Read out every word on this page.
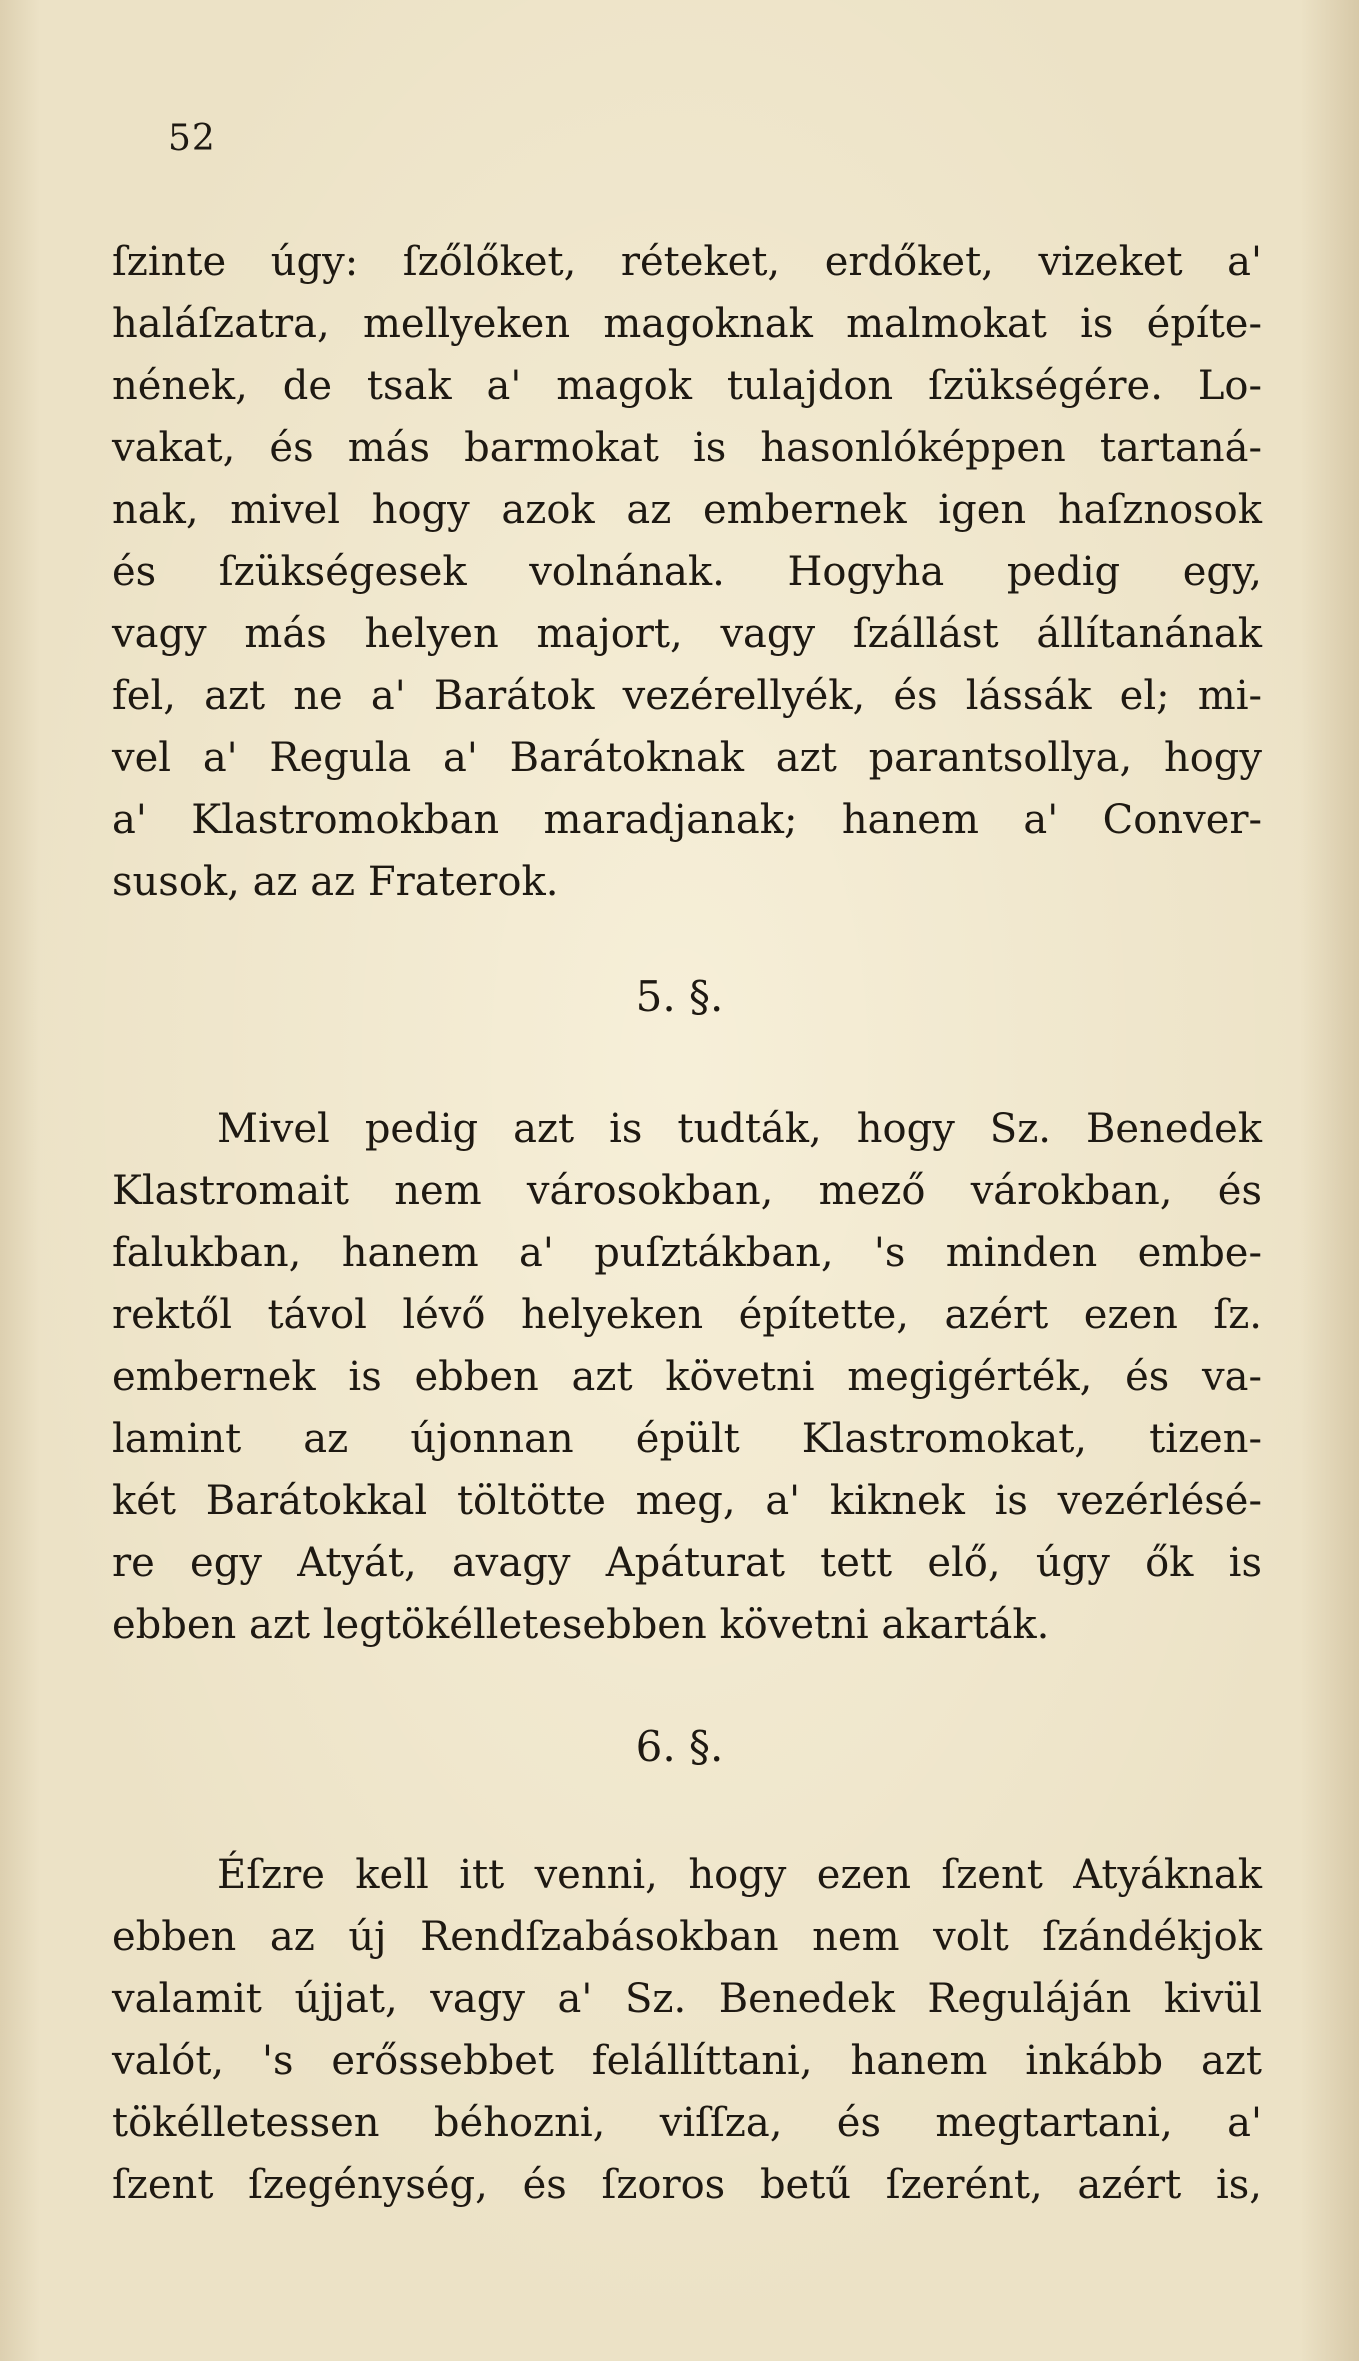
52
ſzinte úgy: ſzőlőket, réteket, erdőket, vizeket a'
haláſzatra, mellyeken magoknak malmokat is építe-
nének, de tsak a' magok tulajdon ſzükségére. Lo-
vakat, és más barmokat is hasonlóképpen tartaná-
nak, mivel hogy azok az embernek igen haſznosok
és ſzükségesek volnának. Hogyha pedig egy,
vagy más helyen majort, vagy ſzállást állítanának
fel, azt ne a' Barátok vezérellyék, és lássák el; mi-
vel a' Regula a' Barátoknak azt parantsollya, hogy
a' Klastromokban maradjanak; hanem a' Conver-
susok, az az Fraterok.
5. §.
Mivel pedig azt is tudták, hogy Sz. Benedek
Klastromait nem városokban, mező várokban, és
falukban, hanem a' puſztákban, 's minden embe-
rektől távol lévő helyeken építette, azért ezen ſz.
embernek is ebben azt követni megigérték, és va-
lamint az újonnan épült Klastromokat, tizen-
két Barátokkal töltötte meg, a' kiknek is vezérlésé-
re egy Atyát, avagy Apáturat tett elő, úgy ők is
ebben azt legtökélletesebben követni akarták.
6. §.
Éſzre kell itt venni, hogy ezen ſzent Atyáknak
ebben az új Rendſzabásokban nem volt ſzándékjok
valamit újjat, vagy a' Sz. Benedek Reguláján kivül
valót, 's erőssebbet felállíttani, hanem inkább azt
tökélletessen béhozni, viſſza, és megtartani, a'
ſzent ſzegénység, és ſzoros betű ſzerént, azért is,
